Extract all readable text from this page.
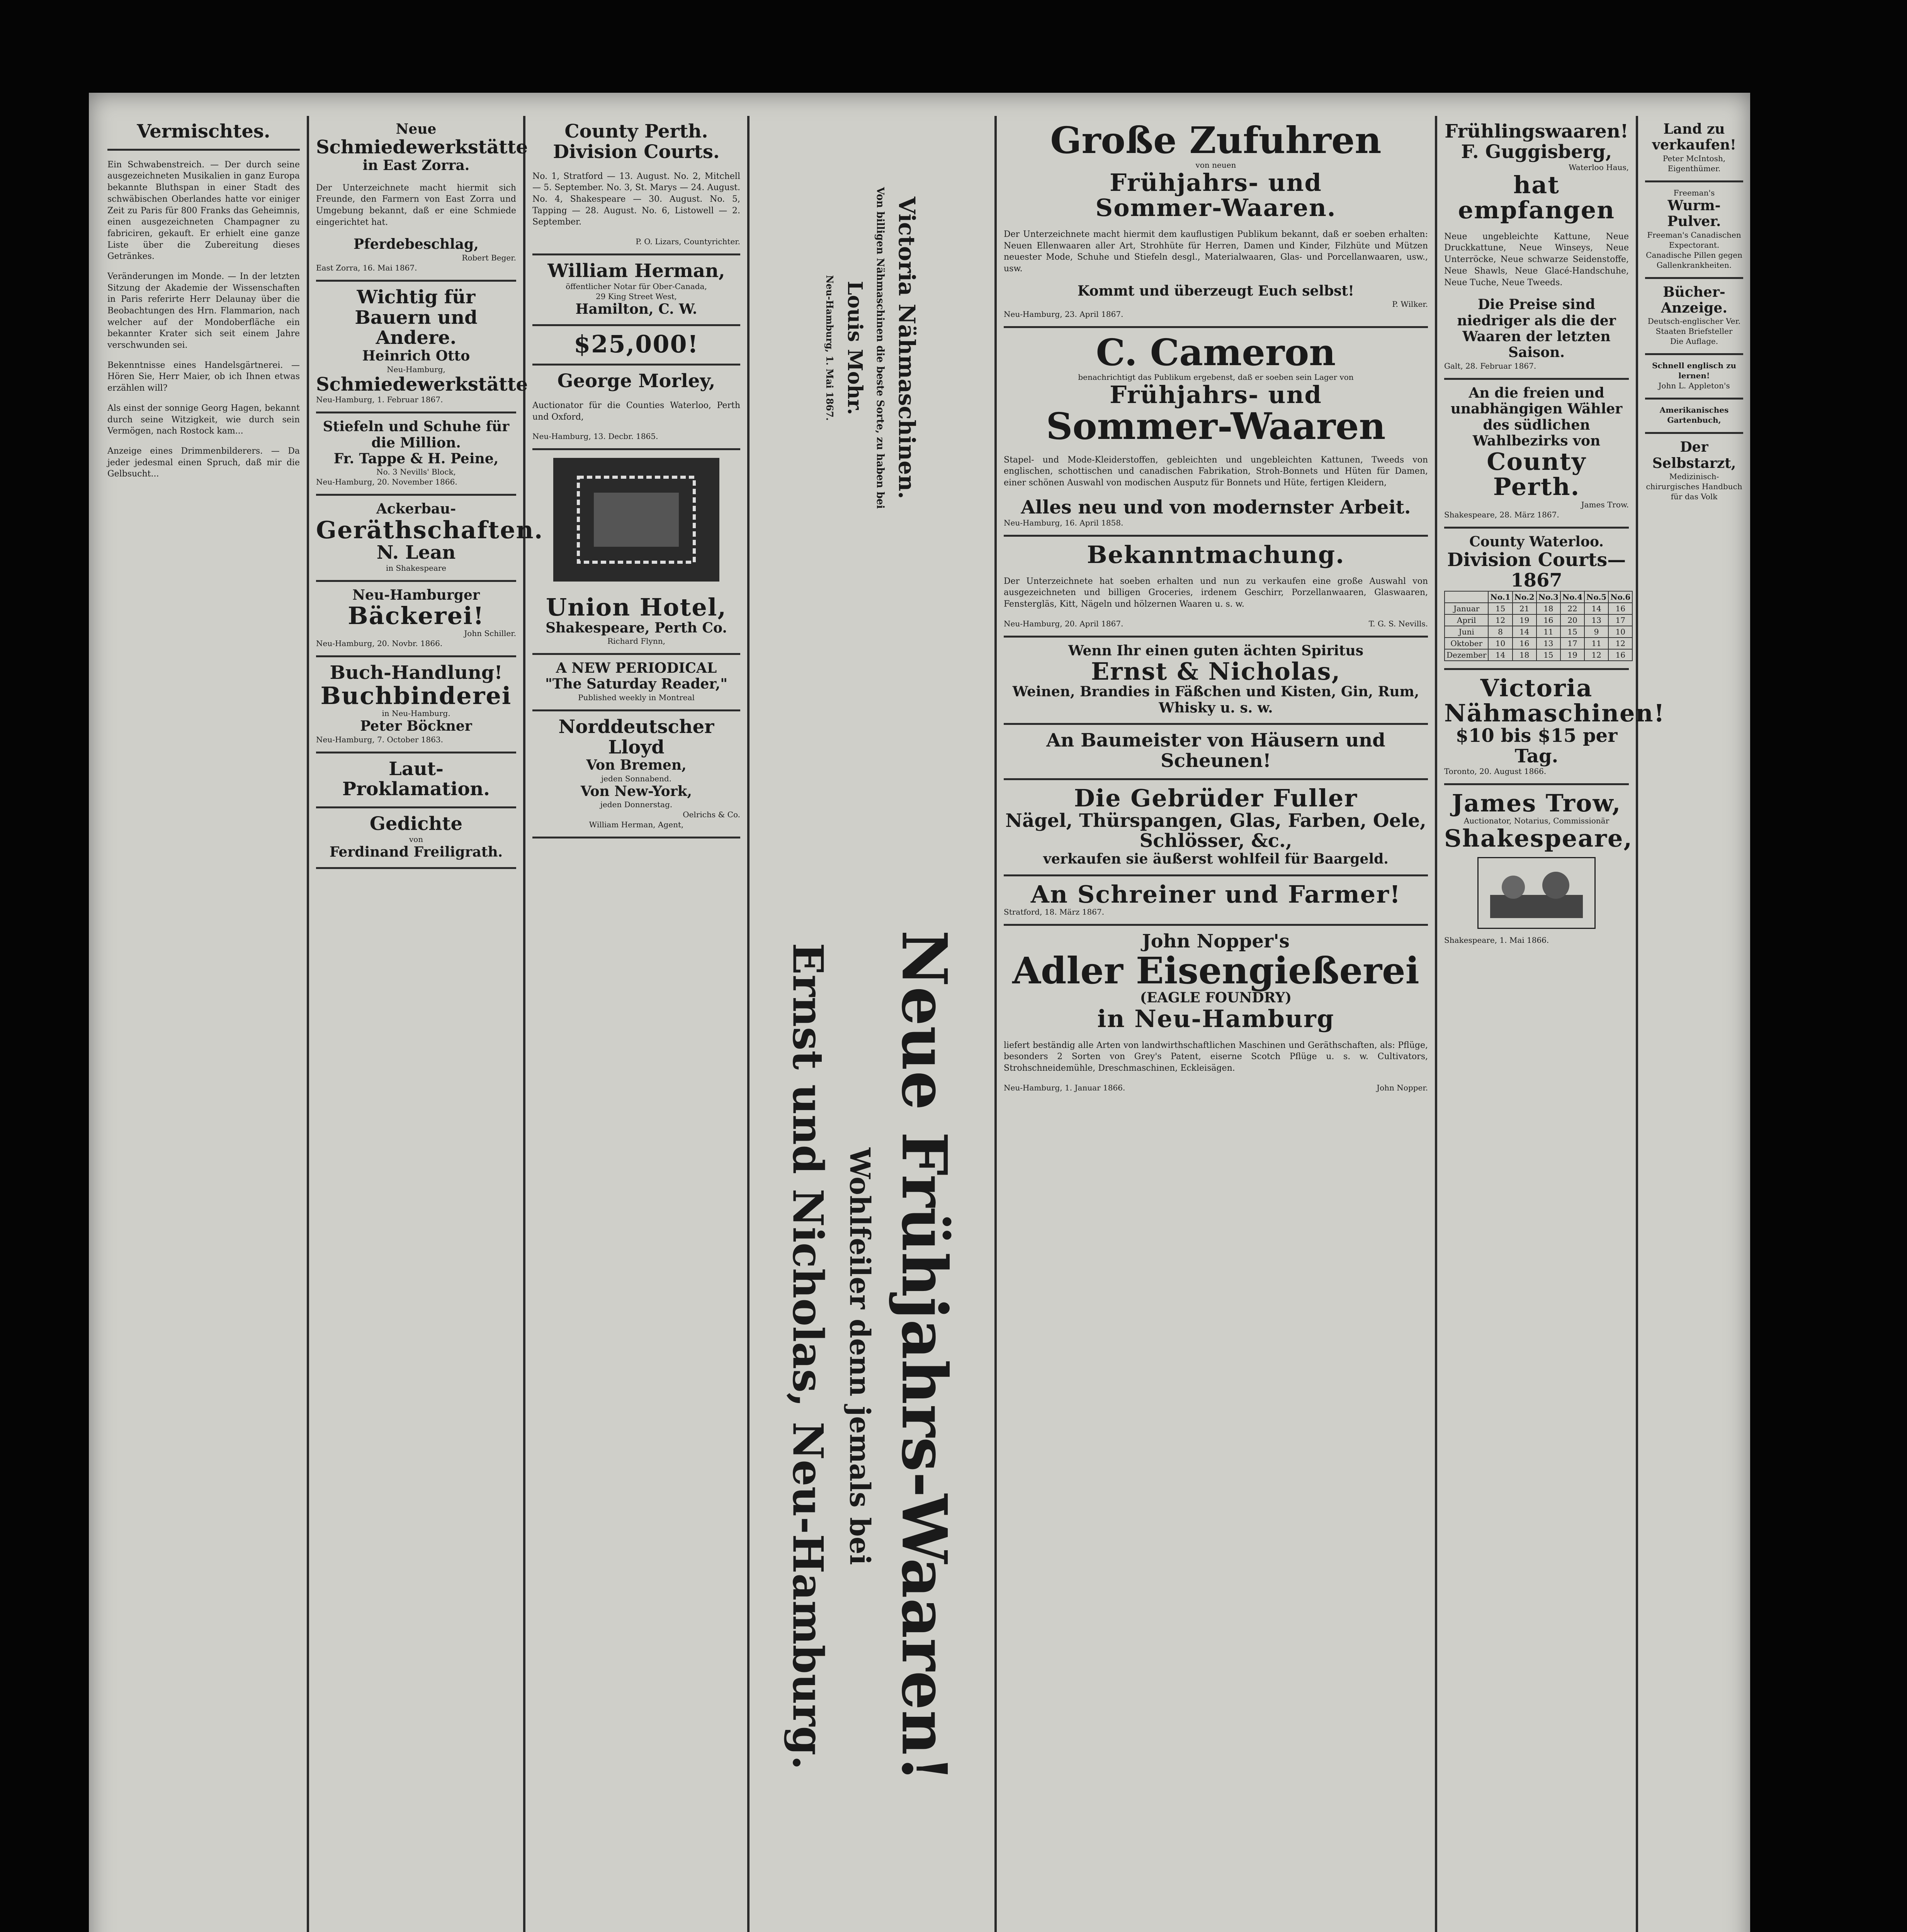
Vermischtes.

Ein Schwabenstreich. — Der durch seine ausgezeichneten Musikalien in ganz Europa bekannte Bluthspan in einer Stadt des schwäbischen Oberlandes hatte vor einiger Zeit zu Paris für 800 Franks das Geheimnis, einen ausgezeichneten Champagner zu fabriciren, gekauft. Er erhielt eine ganze Liste über die Zubereitung dieses Getränkes.

Veränderungen im Monde. — In der letzten Sitzung der Akademie der Wissenschaften in Paris referirte Herr Delaunay über die Beobachtungen des Hrn. Flammarion, nach welcher auf der Mondoberfläche ein bekannter Krater sich seit einem Jahre verschwunden sei.

Bekenntnisse eines Handelsgärtnerei. — Hören Sie, Herr Maier, ob ich Ihnen etwas erzählen will?

Als einst der sonnige Georg Hagen, bekannt durch seine Witzigkeit, wie durch sein Vermögen, nach Rostock kam...

Anzeige eines Drimmenbilderers. — Da jeder jedesmal einen Spruch, daß mir die Gelbsucht...

Neue
Schmiedewerkstätte
in East Zorra.

Der Unterzeichnete macht hiermit sich Freunde, den Farmern von East Zorra und Umgebung bekannt, daß er eine Schmiede eingerichtet hat.

Pferdebeschlag,
Robert Beger.
East Zorra, 16. Mai 1867.
Wichtig für Bauern und Andere.
Heinrich Otto
Neu-Hamburg,
Schmiedewerkstätte
Neu-Hamburg, 1. Februar 1867.
Stiefeln und Schuhe für die Million.
Fr. Tappe & H. Peine,
No. 3 Nevills' Block,
Neu-Hamburg, 20. November 1866.
Ackerbau-
Geräthschaften.
N. Lean
in Shakespeare
Neu-Hamburger
Bäckerei!
John Schiller.
Neu-Hamburg, 20. Novbr. 1866.
Buch-Handlung!
Buchbinderei
in Neu-Hamburg.
Peter Böckner
Neu-Hamburg, 7. October 1863.
Laut-Proklamation.
Gedichte
von
Ferdinand Freiligrath.
County Perth.
Division Courts.

No. 1, Stratford — 13. August. No. 2, Mitchell — 5. September. No. 3, St. Marys — 24. August. No. 4, Shakespeare — 30. August. No. 5, Tapping — 28. August. No. 6, Listowell — 2. September.

P. O. Lizars, Countyrichter.
William Herman,
öffentlicher Notar für Ober-Canada,
29 King Street West,
Hamilton, C. W.
$25,000!
George Morley,

Auctionator für die Counties Waterloo, Perth und Oxford,

Neu-Hamburg, 13. Decbr. 1865.
Union Hotel,
Shakespeare, Perth Co.
Richard Flynn,
A NEW PERIODICAL
"The Saturday Reader,"
Published weekly in Montreal
Norddeutscher Lloyd
Von Bremen,
jeden Sonnabend.
Von New-York,
jeden Donnerstag.
Oelrichs & Co.
William Herman, Agent,
Victoria Nähmaschinen.
Von billigen Nähmaschinen die beste Sorte, zu haben bei
Louis Mohr.
Neu-Hamburg, 1. Mai 1867.
Neue Frühjahrs-Waaren!
Wohlfeiler denn jemals bei
Ernst und Nicholas, Neu-Hamburg.
Große Zufuhren
von neuen
Frühjahrs- und
Sommer-Waaren.

Der Unterzeichnete macht hiermit dem kauflustigen Publikum bekannt, daß er soeben erhalten: Neuen Ellenwaaren aller Art, Strohhüte für Herren, Damen und Kinder, Filzhüte und Mützen neuester Mode, Schuhe und Stiefeln desgl., Materialwaaren, Glas- und Porcellanwaaren, usw., usw.

Kommt und überzeugt Euch selbst!
P. Wilker.
Neu-Hamburg, 23. April 1867.
C. Cameron
benachrichtigt das Publikum ergebenst, daß er soeben sein Lager von
Frühjahrs- und
Sommer-Waaren

Stapel- und Mode-Kleiderstoffen, gebleichten und ungebleichten Kattunen, Tweeds von englischen, schottischen und canadischen Fabrikation, Stroh-Bonnets und Hüten für Damen, einer schönen Auswahl von modischen Ausputz für Bonnets und Hüte, fertigen Kleidern,

Alles neu und von modernster Arbeit.
Neu-Hamburg, 16. April 1858.
Bekanntmachung.

Der Unterzeichnete hat soeben erhalten und nun zu verkaufen eine große Auswahl von ausgezeichneten und billigen Groceries, irdenem Geschirr, Porzellanwaaren, Glaswaaren, Fenstergläs, Kitt, Nägeln und hölzernen Waaren u. s. w.

Neu-Hamburg, 20. April 1867.	T. G. S. Nevills.
Wenn Ihr einen guten ächten Spiritus
Ernst & Nicholas,
Weinen, Brandies in Fäßchen und Kisten, Gin, Rum, Whisky u. s. w.
An Baumeister von Häusern und Scheunen!
Die Gebrüder Fuller
Nägel, Thürspangen, Glas, Farben, Oele, Schlösser, &c.,
verkaufen sie äußerst wohlfeil für Baargeld.
An Schreiner und Farmer!
Stratford, 18. März 1867.
John Nopper's
Adler Eisengießerei
(EAGLE FOUNDRY)
in Neu-Hamburg

liefert beständig alle Arten von landwirthschaftlichen Maschinen und Geräthschaften, als: Pflüge, besonders 2 Sorten von Grey's Patent, eiserne Scotch Pflüge u. s. w. Cultivators, Strohschneidemühle, Dreschmaschinen, Eckleisägen.

Neu-Hamburg, 1. Januar 1866.	John Nopper.
Frühlingswaaren!
F. Guggisberg,
Waterloo Haus,
hat empfangen

Neue ungebleichte Kattune, Neue Druckkattune, Neue Winseys, Neue Unterröcke, Neue schwarze Seidenstoffe, Neue Shawls, Neue Glacé-Handschuhe, Neue Tuche, Neue Tweeds.

Die Preise sind niedriger als die der Waaren der letzten Saison.
Galt, 28. Februar 1867.
An die freien und unabhängigen Wähler des südlichen Wahlbezirks von
County Perth.
James Trow.
Shakespeare, 28. März 1867.
County Waterloo.
Division Courts—1867
	No.1	No.2	No.3	No.4	No.5	No.6
Januar	15	21	18	22	14	16
April	12	19	16	20	13	17
Juni	8	14	11	15	9	10
Oktober	10	16	13	17	11	12
Dezember	14	18	15	19	12	16
Victoria Nähmaschinen!
$10 bis $15 per Tag.
Toronto, 20. August 1866.
James Trow,
Auctionator, Notarius, Commissionär
Shakespeare,
Shakespeare, 1. Mai 1866.
Land zu verkaufen!
Peter McIntosh, Eigenthümer.
Freeman's
Wurm-Pulver.
Freeman's Canadischen Expectorant.
Canadische Pillen gegen Gallenkrankheiten.
Bücher-Anzeige.
Deutsch-englischer Ver. Staaten Briefsteller
Die Auflage.
Schnell englisch zu lernen!
John L. Appleton's
Amerikanisches Gartenbuch,
Der Selbstarzt,
Medizinisch-chirurgisches Handbuch für das Volk
